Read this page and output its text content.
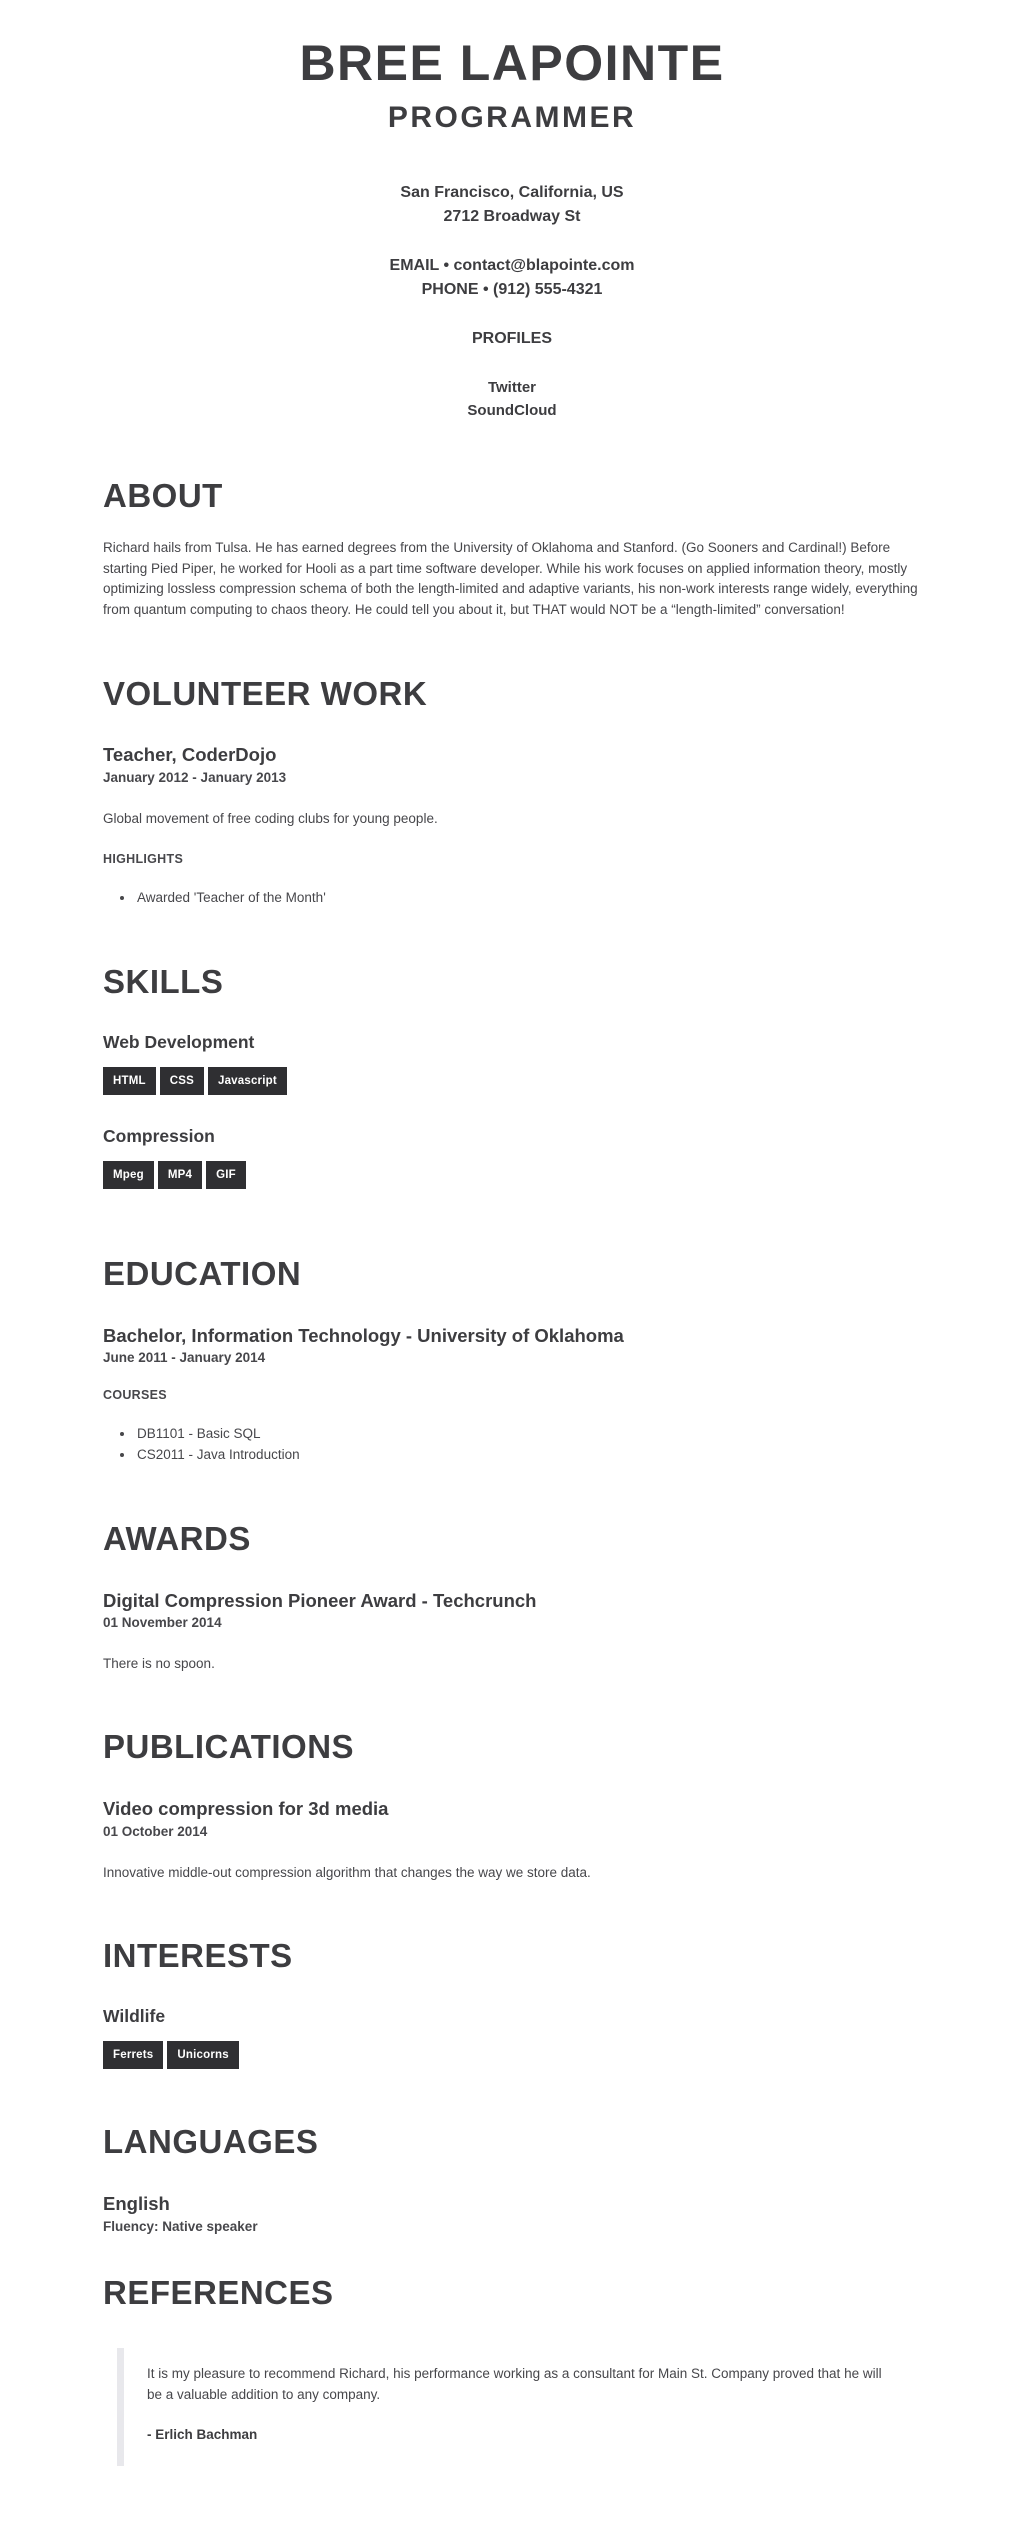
BREE LAPOINTE
PROGRAMMER
San Francisco, California, US
2712 Broadway St
EMAIL • contact@blapointe.com
PHONE • (912) 555-4321
PROFILES
Twitter
SoundCloud
ABOUT

Richard hails from Tulsa. He has earned degrees from the University of Oklahoma and Stanford. (Go Sooners and Cardinal!) Before starting Pied Piper, he worked for Hooli as a part time software developer. While his work focuses on applied information theory, mostly optimizing lossless compression schema of both the length-limited and adaptive variants, his non-work interests range widely, everything from quantum computing to chaos theory. He could tell you about it, but THAT would NOT be a “length-limited” conversation!

VOLUNTEER WORK
Teacher, CoderDojo
January 2012 - January 2013

Global movement of free coding clubs for young people.

HIGHLIGHTS
• Awarded 'Teacher of the Month'
SKILLS
Web Development
HTML	CSS	Javascript
Compression
Mpeg	MP4	GIF
EDUCATION
Bachelor, Information Technology - University of Oklahoma
June 2011 - January 2014
COURSES
• DB1101 - Basic SQL
• CS2011 - Java Introduction
AWARDS
Digital Compression Pioneer Award - Techcrunch
01 November 2014

There is no spoon.

PUBLICATIONS
Video compression for 3d media
01 October 2014

Innovative middle-out compression algorithm that changes the way we store data.

INTERESTS
Wildlife
Ferrets	Unicorns
LANGUAGES
English
Fluency: Native speaker
REFERENCES
It is my pleasure to recommend Richard, his performance working as a consultant for Main St. Company proved that he will be a valuable addition to any company.
- Erlich Bachman
